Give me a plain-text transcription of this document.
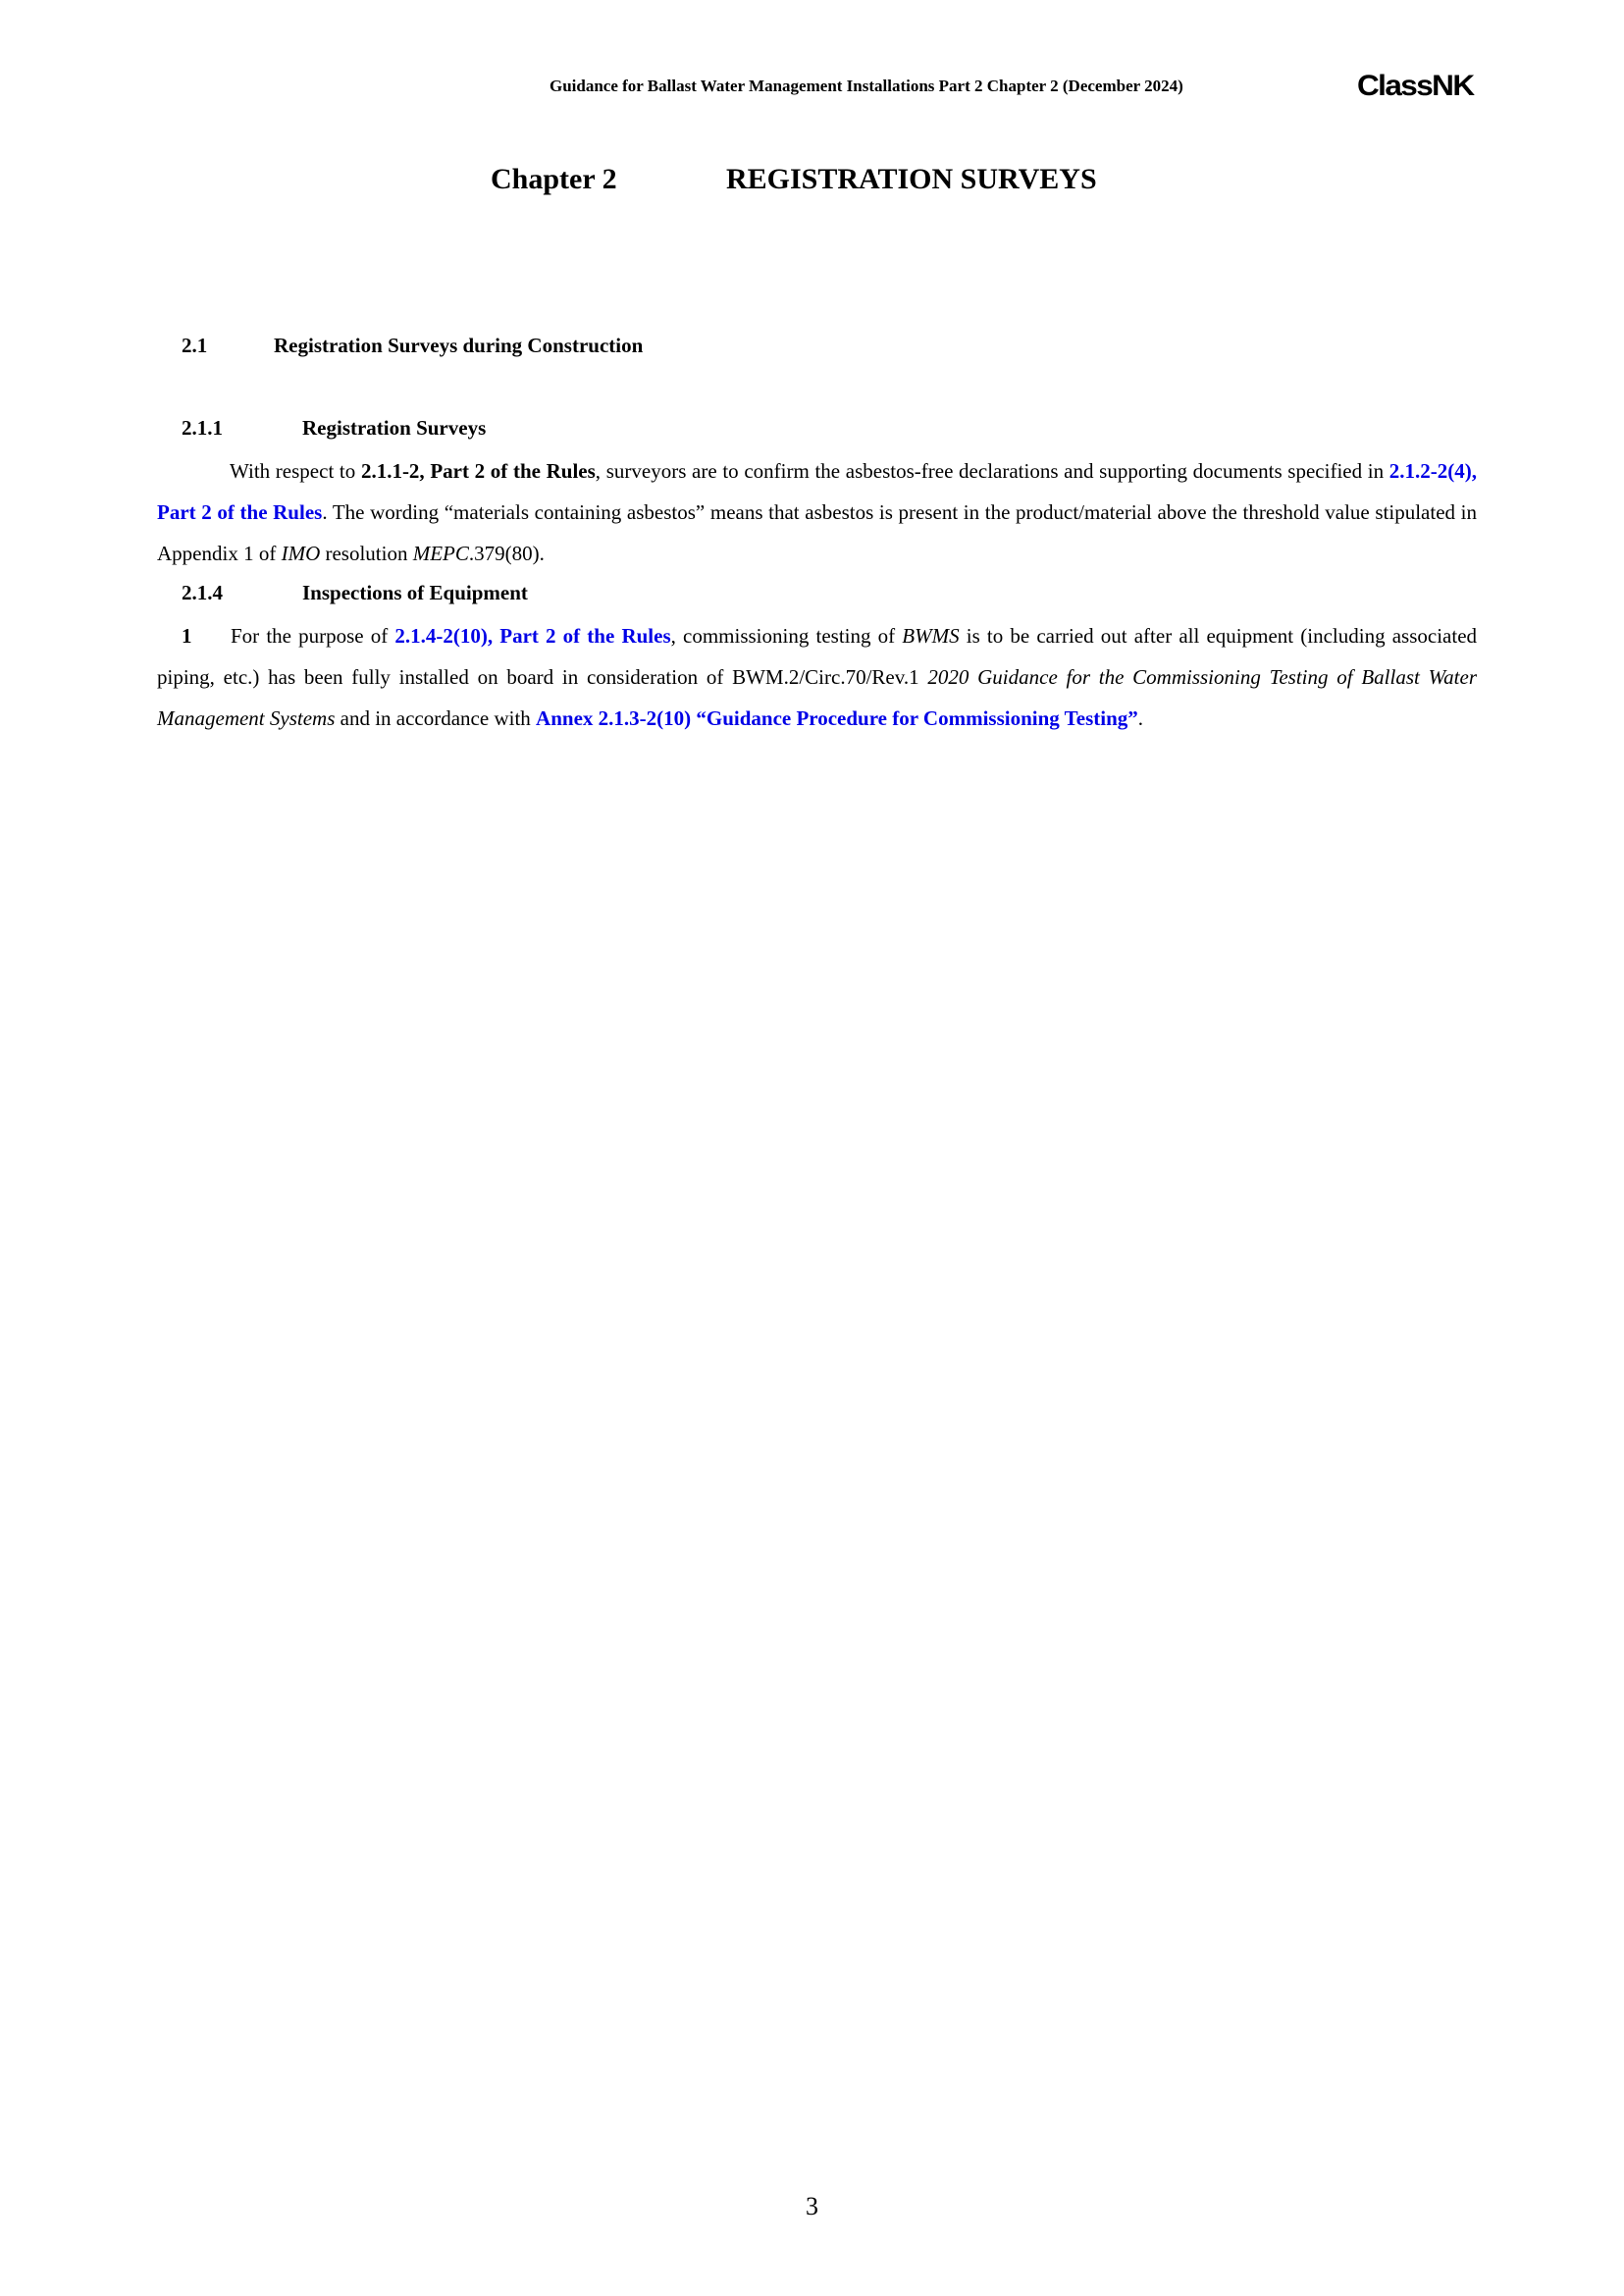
Guidance for Ballast Water Management Installations Part 2 Chapter 2 (December 2024)	ClassNK
Chapter 2	REGISTRATION SURVEYS
2.1	Registration Surveys during Construction
2.1.1	Registration Surveys
With respect to 2.1.1-2, Part 2 of the Rules, surveyors are to confirm the asbestos-free declarations and supporting documents specified in 2.1.2-2(4), Part 2 of the Rules. The wording “materials containing asbestos” means that asbestos is present in the product/material above the threshold value stipulated in Appendix 1 of IMO resolution MEPC.379(80).
2.1.4	Inspections of Equipment
1 For the purpose of 2.1.4-2(10), Part 2 of the Rules, commissioning testing of BWMS is to be carried out after all equipment (including associated piping, etc.) has been fully installed on board in consideration of BWM.2/Circ.70/Rev.1 2020 Guidance for the Commissioning Testing of Ballast Water Management Systems and in accordance with Annex 2.1.3-2(10) “Guidance Procedure for Commissioning Testing”.
3
